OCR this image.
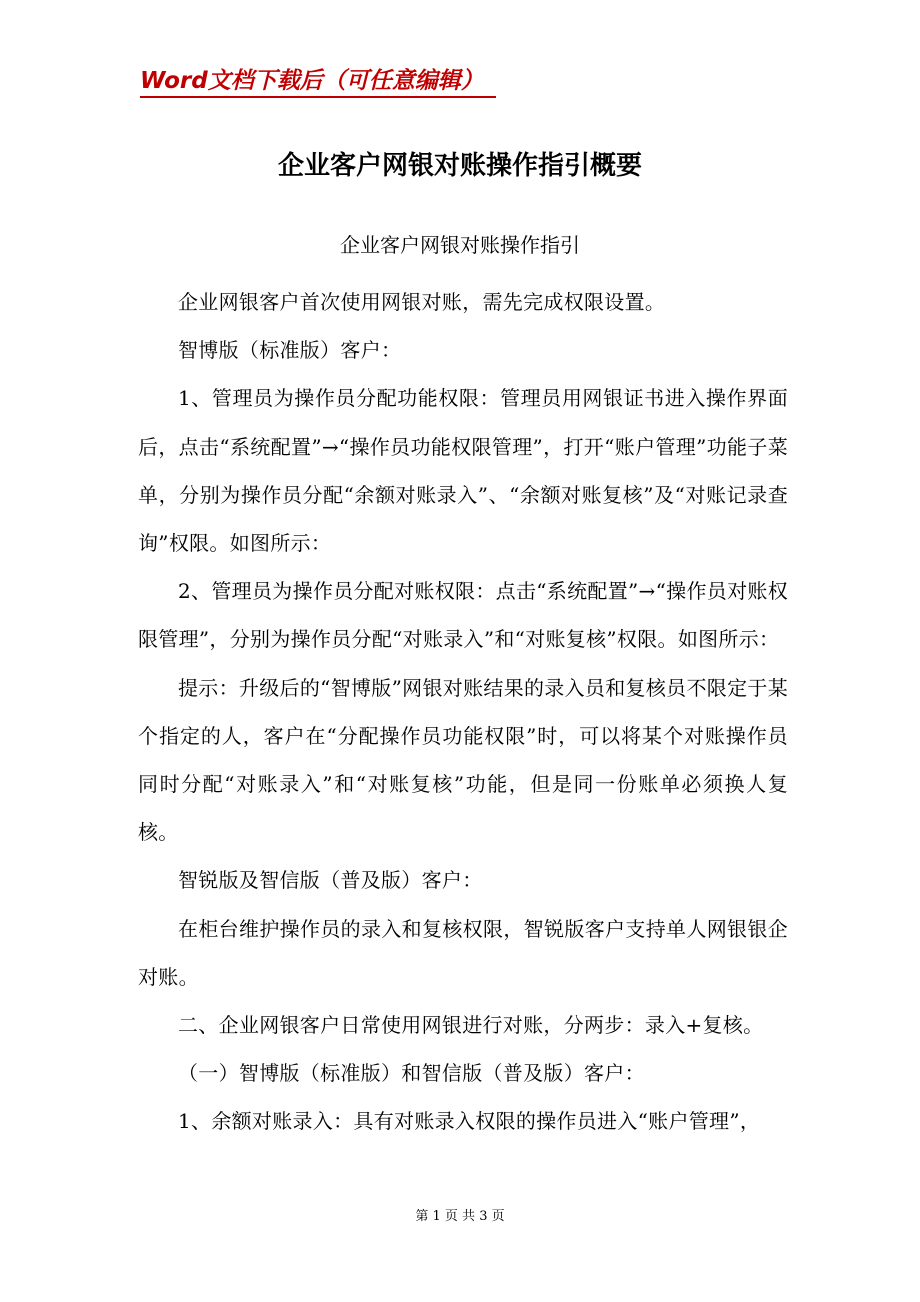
Word文档下载后（可任意编辑）
企业客户网银对账操作指引概要
企业客户网银对账操作指引

企业网银客户首次使用网银对账，需先完成权限设置。

智博版（标准版）客户：

1、管理员为操作员分配功能权限：管理员用网银证书进入操作界面后，点击“系统配置”→“操作员功能权限管理”，打开“账户管理”功能子菜单，分别为操作员分配“余额对账录入”、“余额对账复核”及“对账记录查询”权限。如图所示：

2、管理员为操作员分配对账权限：点击“系统配置”→“操作员对账权限管理”，分别为操作员分配“对账录入”和“对账复核”权限。如图所示：

提示：升级后的“智博版”网银对账结果的录入员和复核员不限定于某个指定的人，客户在“分配操作员功能权限”时，可以将某个对账操作员同时分配“对账录入”和“对账复核”功能，但是同一份账单必须换人复核。

智锐版及智信版（普及版）客户：

在柜台维护操作员的录入和复核权限，智锐版客户支持单人网银银企对账。

二、企业网银客户日常使用网银进行对账，分两步：录入+复核。

（一）智博版（标准版）和智信版（普及版）客户：

1、余额对账录入：具有对账录入权限的操作员进入“账户管理”，

第 1 页 共 3 页
